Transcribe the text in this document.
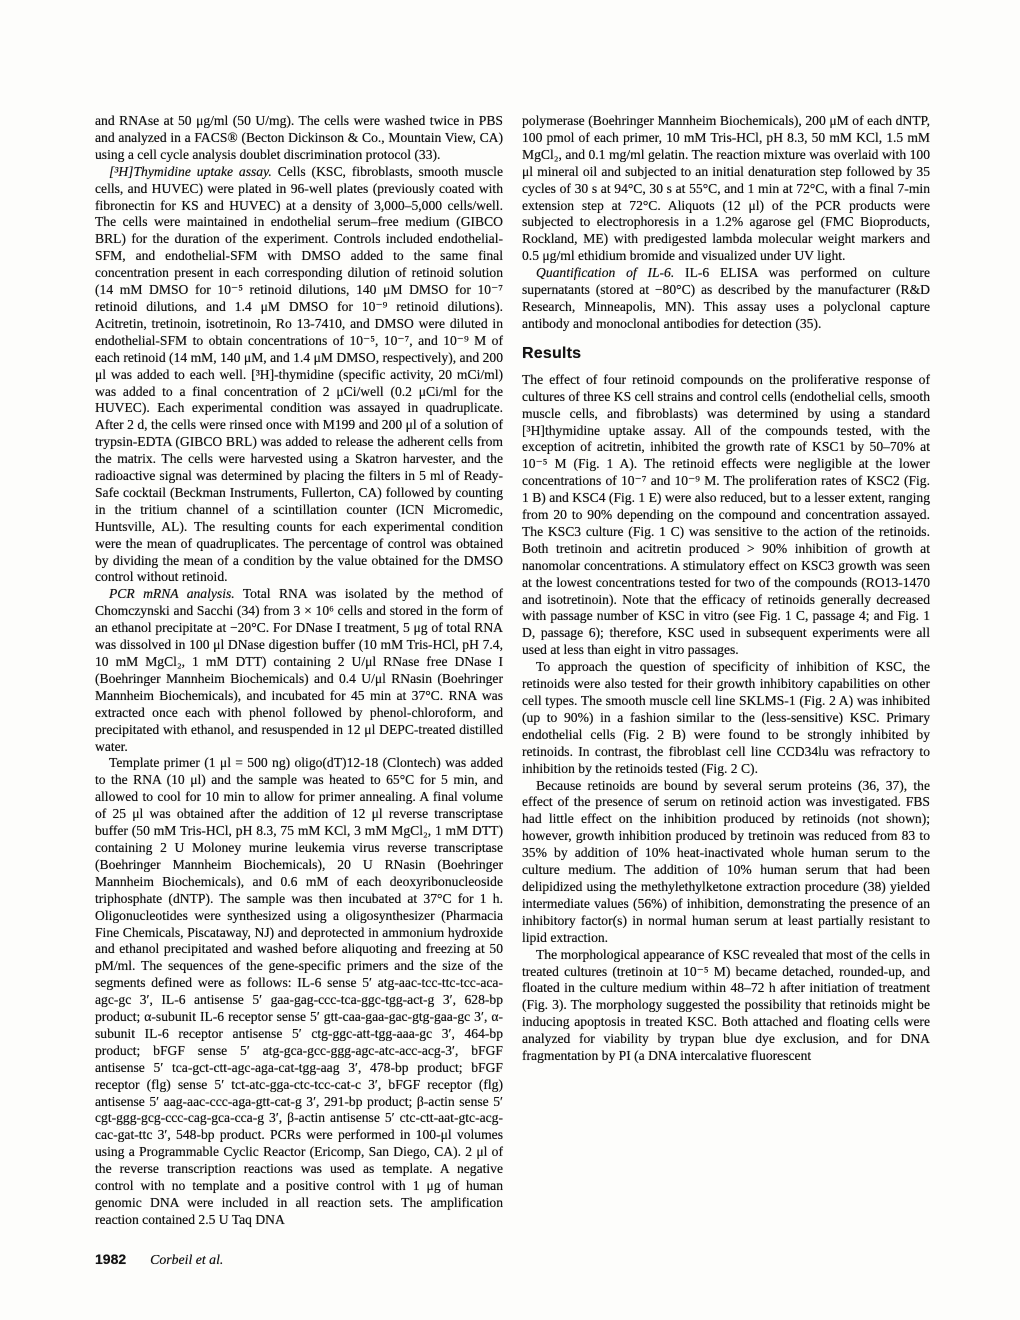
and RNAse at 50 μg/ml (50 U/mg). The cells were washed twice in PBS and analyzed in a FACS® (Becton Dickinson & Co., Mountain View, CA) using a cell cycle analysis doublet discrimination protocol (33).

[³H]Thymidine uptake assay. Cells (KSC, fibroblasts, smooth muscle cells, and HUVEC) were plated in 96-well plates (previously coated with fibronectin for KS and HUVEC) at a density of 3,000–5,000 cells/well. The cells were maintained in endothelial serum–free medium (GIBCO BRL) for the duration of the experiment. Controls included endothelial-SFM, and endothelial-SFM with DMSO added to the same final concentration present in each corresponding dilution of retinoid solution (14 mM DMSO for 10⁻⁵ retinoid dilutions, 140 μM DMSO for 10⁻⁷ retinoid dilutions, and 1.4 μM DMSO for 10⁻⁹ retinoid dilutions). Acitretin, tretinoin, isotretinoin, Ro 13-7410, and DMSO were diluted in endothelial-SFM to obtain concentrations of 10⁻⁵, 10⁻⁷, and 10⁻⁹ M of each retinoid (14 mM, 140 μM, and 1.4 μM DMSO, respectively), and 200 μl was added to each well. [³H]-thymidine (specific activity, 20 mCi/ml) was added to a final concentration of 2 μCi/well (0.2 μCi/ml for the HUVEC). Each experimental condition was assayed in quadruplicate. After 2 d, the cells were rinsed once with M199 and 200 μl of a solution of trypsin-EDTA (GIBCO BRL) was added to release the adherent cells from the matrix. The cells were harvested using a Skatron harvester, and the radioactive signal was determined by placing the filters in 5 ml of Ready-Safe cocktail (Beckman Instruments, Fullerton, CA) followed by counting in the tritium channel of a scintillation counter (ICN Micromedic, Huntsville, AL). The resulting counts for each experimental condition were the mean of quadruplicates. The percentage of control was obtained by dividing the mean of a condition by the value obtained for the DMSO control without retinoid.

PCR mRNA analysis. Total RNA was isolated by the method of Chomczynski and Sacchi (34) from 3 × 10⁶ cells and stored in the form of an ethanol precipitate at −20°C. For DNase I treatment, 5 μg of total RNA was dissolved in 100 μl DNase digestion buffer (10 mM Tris-HCl, pH 7.4, 10 mM MgCl₂, 1 mM DTT) containing 2 U/μl RNase free DNase I (Boehringer Mannheim Biochemicals) and 0.4 U/μl RNasin (Boehringer Mannheim Biochemicals), and incubated for 45 min at 37°C. RNA was extracted once each with phenol followed by phenol-chloroform, and precipitated with ethanol, and resuspended in 12 μl DEPC-treated distilled water.

Template primer (1 μl = 500 ng) oligo(dT)12-18 (Clontech) was added to the RNA (10 μl) and the sample was heated to 65°C for 5 min, and allowed to cool for 10 min to allow for primer annealing. A final volume of 25 μl was obtained after the addition of 12 μl reverse transcriptase buffer (50 mM Tris-HCl, pH 8.3, 75 mM KCl, 3 mM MgCl₂, 1 mM DTT) containing 2 U Moloney murine leukemia virus reverse transcriptase (Boehringer Mannheim Biochemicals), 20 U RNasin (Boehringer Mannheim Biochemicals), and 0.6 mM of each deoxyribonucleoside triphosphate (dNTP). The sample was then incubated at 37°C for 1 h. Oligonucleotides were synthesized using a oligosynthesizer (Pharmacia Fine Chemicals, Piscataway, NJ) and deprotected in ammonium hydroxide and ethanol precipitated and washed before aliquoting and freezing at 50 pM/ml. The sequences of the gene-specific primers and the size of the segments defined were as follows: IL-6 sense 5′ atg-aac-tcc-ttc-tcc-aca-agc-gc 3′, IL-6 antisense 5′ gaa-gag-ccc-tca-ggc-tgg-act-g 3′, 628-bp product; α-subunit IL-6 receptor sense 5′ gtt-caa-gaa-gac-gtg-gaa-gc 3′, α-subunit IL-6 receptor antisense 5′ ctg-ggc-att-tgg-aaa-gc 3′, 464-bp product; bFGF sense 5′ atg-gca-gcc-ggg-agc-atc-acc-acg-3′, bFGF antisense 5′ tca-gct-ctt-agc-aga-cat-tgg-aag 3′, 478-bp product; bFGF receptor (flg) sense 5′ tct-atc-gga-ctc-tcc-cat-c 3′, bFGF receptor (flg) antisense 5′ aag-aac-ccc-aga-gtt-cat-g 3′, 291-bp product; β-actin sense 5′ cgt-ggg-gcg-ccc-cag-gca-cca-g 3′, β-actin antisense 5′ ctc-ctt-aat-gtc-acg-cac-gat-ttc 3′, 548-bp product. PCRs were performed in 100-μl volumes using a Programmable Cyclic Reactor (Ericomp, San Diego, CA). 2 μl of the reverse transcription reactions was used as template. A negative control with no template and a positive control with 1 μg of human genomic DNA were included in all reaction sets. The amplification reaction contained 2.5 U Taq DNA

polymerase (Boehringer Mannheim Biochemicals), 200 μM of each dNTP, 100 pmol of each primer, 10 mM Tris-HCl, pH 8.3, 50 mM KCl, 1.5 mM MgCl₂, and 0.1 mg/ml gelatin. The reaction mixture was overlaid with 100 μl mineral oil and subjected to an initial denaturation step followed by 35 cycles of 30 s at 94°C, 30 s at 55°C, and 1 min at 72°C, with a final 7-min extension step at 72°C. Aliquots (12 μl) of the PCR products were subjected to electrophoresis in a 1.2% agarose gel (FMC Bioproducts, Rockland, ME) with predigested lambda molecular weight markers and 0.5 μg/ml ethidium bromide and visualized under UV light.

Quantification of IL-6. IL-6 ELISA was performed on culture supernatants (stored at −80°C) as described by the manufacturer (R&D Research, Minneapolis, MN). This assay uses a polyclonal capture antibody and monoclonal antibodies for detection (35).

Results

The effect of four retinoid compounds on the proliferative response of cultures of three KS cell strains and control cells (endothelial cells, smooth muscle cells, and fibroblasts) was determined by using a standard [³H]thymidine uptake assay. All of the compounds tested, with the exception of acitretin, inhibited the growth rate of KSC1 by 50–70% at 10⁻⁵ M (Fig. 1 A). The retinoid effects were negligible at the lower concentrations of 10⁻⁷ and 10⁻⁹ M. The proliferation rates of KSC2 (Fig. 1 B) and KSC4 (Fig. 1 E) were also reduced, but to a lesser extent, ranging from 20 to 90% depending on the compound and concentration assayed. The KSC3 culture (Fig. 1 C) was sensitive to the action of the retinoids. Both tretinoin and acitretin produced > 90% inhibition of growth at nanomolar concentrations. A stimulatory effect on KSC3 growth was seen at the lowest concentrations tested for two of the compounds (RO13-1470 and isotretinoin). Note that the efficacy of retinoids generally decreased with passage number of KSC in vitro (see Fig. 1 C, passage 4; and Fig. 1 D, passage 6); therefore, KSC used in subsequent experiments were all used at less than eight in vitro passages.

To approach the question of specificity of inhibition of KSC, the retinoids were also tested for their growth inhibitory capabilities on other cell types. The smooth muscle cell line SKLMS-1 (Fig. 2 A) was inhibited (up to 90%) in a fashion similar to the (less-sensitive) KSC. Primary endothelial cells (Fig. 2 B) were found to be strongly inhibited by retinoids. In contrast, the fibroblast cell line CCD34lu was refractory to inhibition by the retinoids tested (Fig. 2 C).

Because retinoids are bound by several serum proteins (36, 37), the effect of the presence of serum on retinoid action was investigated. FBS had little effect on the inhibition produced by retinoids (not shown); however, growth inhibition produced by tretinoin was reduced from 83 to 35% by addition of 10% heat-inactivated whole human serum to the culture medium. The addition of 10% human serum that had been delipidized using the methylethylketone extraction procedure (38) yielded intermediate values (56%) of inhibition, demonstrating the presence of an inhibitory factor(s) in normal human serum at least partially resistant to lipid extraction.

The morphological appearance of KSC revealed that most of the cells in treated cultures (tretinoin at 10⁻⁵ M) became detached, rounded-up, and floated in the culture medium within 48–72 h after initiation of treatment (Fig. 3). The morphology suggested the possibility that retinoids might be inducing apoptosis in treated KSC. Both attached and floating cells were analyzed for viability by trypan blue dye exclusion, and for DNA fragmentation by PI (a DNA intercalative fluorescent

1982 Corbeil et al.
